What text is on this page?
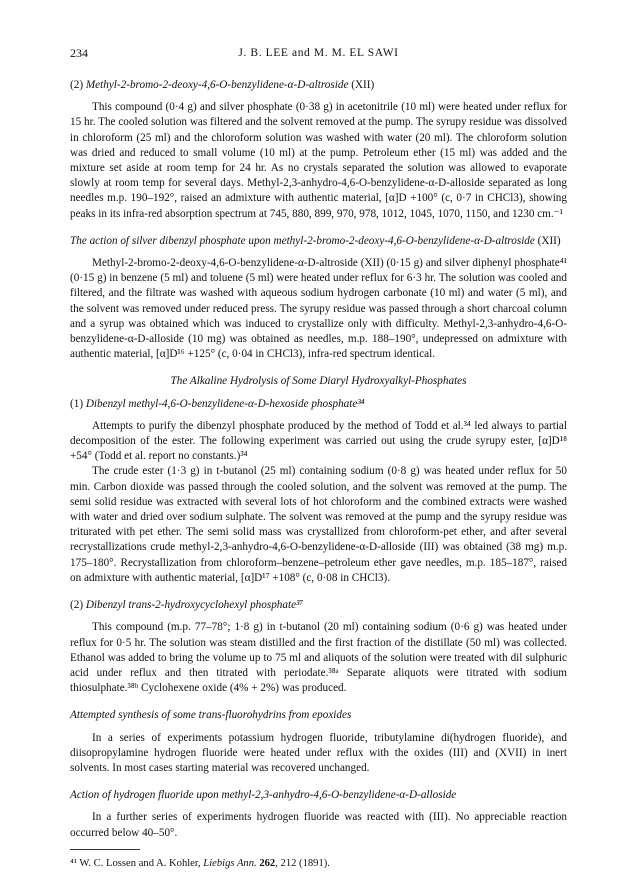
234	J. B. LEE and M. M. EL SAWI

(2) Methyl-2-bromo-2-deoxy-4,6-O-benzylidene-α-D-altroside (XII)

This compound (0·4 g) and silver phosphate (0·38 g) in acetonitrile (10 ml) were heated under reflux for 15 hr. The cooled solution was filtered and the solvent removed at the pump. The syrupy residue was dissolved in chloroform (25 ml) and the chloroform solution was washed with water (20 ml). The chloroform solution was dried and reduced to small volume (10 ml) at the pump. Petroleum ether (15 ml) was added and the mixture set aside at room temp for 24 hr. As no crystals separated the solution was allowed to evaporate slowly at room temp for several days. Methyl-2,3-anhydro-4,6-O-benzylidene-α-D-alloside separated as long needles m.p. 190–192°, raised an admixture with authentic material, [α]D +100° (c, 0·7 in CHCl3), showing peaks in its infra-red absorption spectrum at 745, 880, 899, 970, 978, 1012, 1045, 1070, 1150, and 1230 cm.⁻¹

The action of silver dibenzyl phosphate upon methyl-2-bromo-2-deoxy-4,6-O-benzylidene-α-D-altroside (XII)

Methyl-2-bromo-2-deoxy-4,6-O-benzylidene-α-D-altroside (XII) (0·15 g) and silver diphenyl phosphate⁴¹ (0·15 g) in benzene (5 ml) and toluene (5 ml) were heated under reflux for 6·3 hr. The solution was cooled and filtered, and the filtrate was washed with aqueous sodium hydrogen carbonate (10 ml) and water (5 ml), and the solvent was removed under reduced press. The syrupy residue was passed through a short charcoal column and a syrup was obtained which was induced to crystallize only with difficulty. Methyl-2,3-anhydro-4,6-O-benzylidene-α-D-alloside (10 mg) was obtained as needles, m.p. 188–190°, undepressed on admixture with authentic material, [α]D¹⁶ +125° (c, 0·04 in CHCl3), infra-red spectrum identical.

The Alkaline Hydrolysis of Some Diaryl Hydroxyalkyl-Phosphates

(1) Dibenzyl methyl-4,6-O-benzylidene-α-D-hexoside phosphate³⁴

Attempts to purify the dibenzyl phosphate produced by the method of Todd et al.³⁴ led always to partial decomposition of the ester. The following experiment was carried out using the crude syrupy ester, [α]D¹⁸ +54° (Todd et al. report no constants.)³⁴

The crude ester (1·3 g) in t-butanol (25 ml) containing sodium (0·8 g) was heated under reflux for 50 min. Carbon dioxide was passed through the cooled solution, and the solvent was removed at the pump. The semi solid residue was extracted with several lots of hot chloroform and the combined extracts were washed with water and dried over sodium sulphate. The solvent was removed at the pump and the syrupy residue was triturated with pet ether. The semi solid mass was crystallized from chloroform-pet ether, and after several recrystallizations crude methyl-2,3-anhydro-4,6-O-benzylidene-α-D-alloside (III) was obtained (38 mg) m.p. 175–180°. Recrystallization from chloroform–benzene–petroleum ether gave needles, m.p. 185–187°, raised on admixture with authentic material, [α]D¹⁷ +108° (c, 0·08 in CHCl3).

(2) Dibenzyl trans-2-hydroxycyclohexyl phosphate³⁷

This compound (m.p. 77–78°; 1·8 g) in t-butanol (20 ml) containing sodium (0·6 g) was heated under reflux for 0·5 hr. The solution was steam distilled and the first fraction of the distillate (50 ml) was collected. Ethanol was added to bring the volume up to 75 ml and aliquots of the solution were treated with dil sulphuric acid under reflux and then titrated with periodate.³⁸ᵃ Separate aliquots were titrated with sodium thiosulphate.³⁸ᵇ Cyclohexene oxide (4% + 2%) was produced.

Attempted synthesis of some trans-fluorohydrins from epoxides

In a series of experiments potassium hydrogen fluoride, tributylamine di(hydrogen fluoride), and diisopropylamine hydrogen fluoride were heated under reflux with the oxides (III) and (XVII) in inert solvents. In most cases starting material was recovered unchanged.

Action of hydrogen fluoride upon methyl-2,3-anhydro-4,6-O-benzylidene-α-D-alloside

In a further series of experiments hydrogen fluoride was reacted with (III). No appreciable reaction occurred below 40–50°.

⁴¹ W. C. Lossen and A. Kohler, Liebigs Ann. 262, 212 (1891).
